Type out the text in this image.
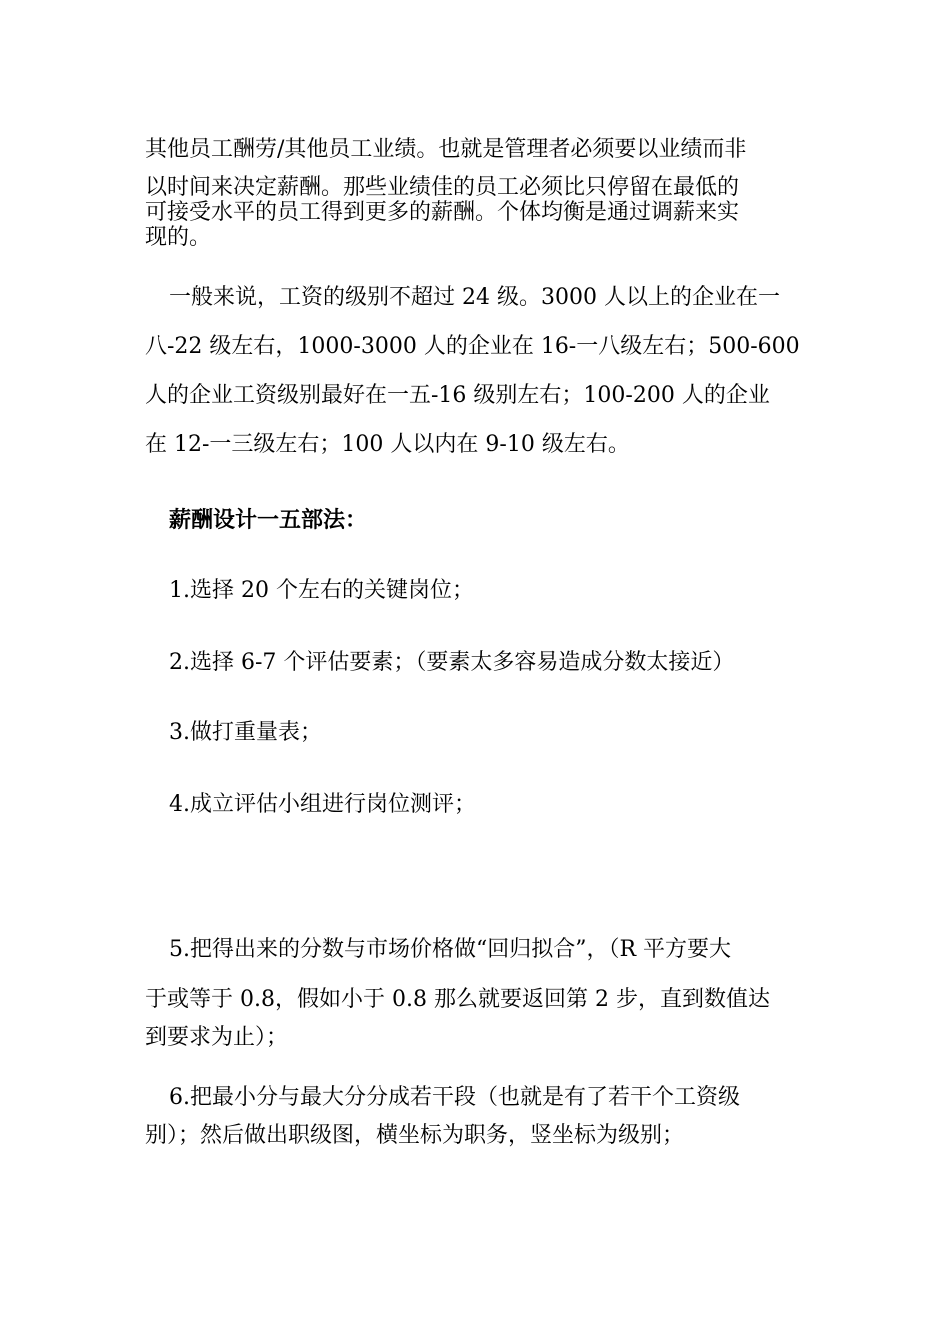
其他员工酬劳/其他员工业绩。也就是管理者必须要以业绩而非
以时间来决定薪酬。那些业绩佳的员工必须比只停留在最低的
可接受水平的员工得到更多的薪酬。个体均衡是通过调薪来实
现的。
一般来说，工资的级别不超过 24 级。3000 人以上的企业在一
八-22 级左右，1000-3000 人的企业在 16-一八级左右；500-600
人的企业工资级别最好在一五-16 级别左右；100-200 人的企业
在 12-一三级左右；100 人以内在 9-10 级左右。
薪酬设计一五部法：
1.选择 20 个左右的关键岗位；
2.选择 6-7 个评估要素；（要素太多容易造成分数太接近）
3.做打重量表；
4.成立评估小组进行岗位测评；
5.把得出来的分数与市场价格做“回归拟合”，（R 平方要大
于或等于 0.8，假如小于 0.8 那么就要返回第 2 步，直到数值达
到要求为止）；
6.把最小分与最大分分成若干段（也就是有了若干个工资级
别）；然后做出职级图，横坐标为职务，竖坐标为级别；
